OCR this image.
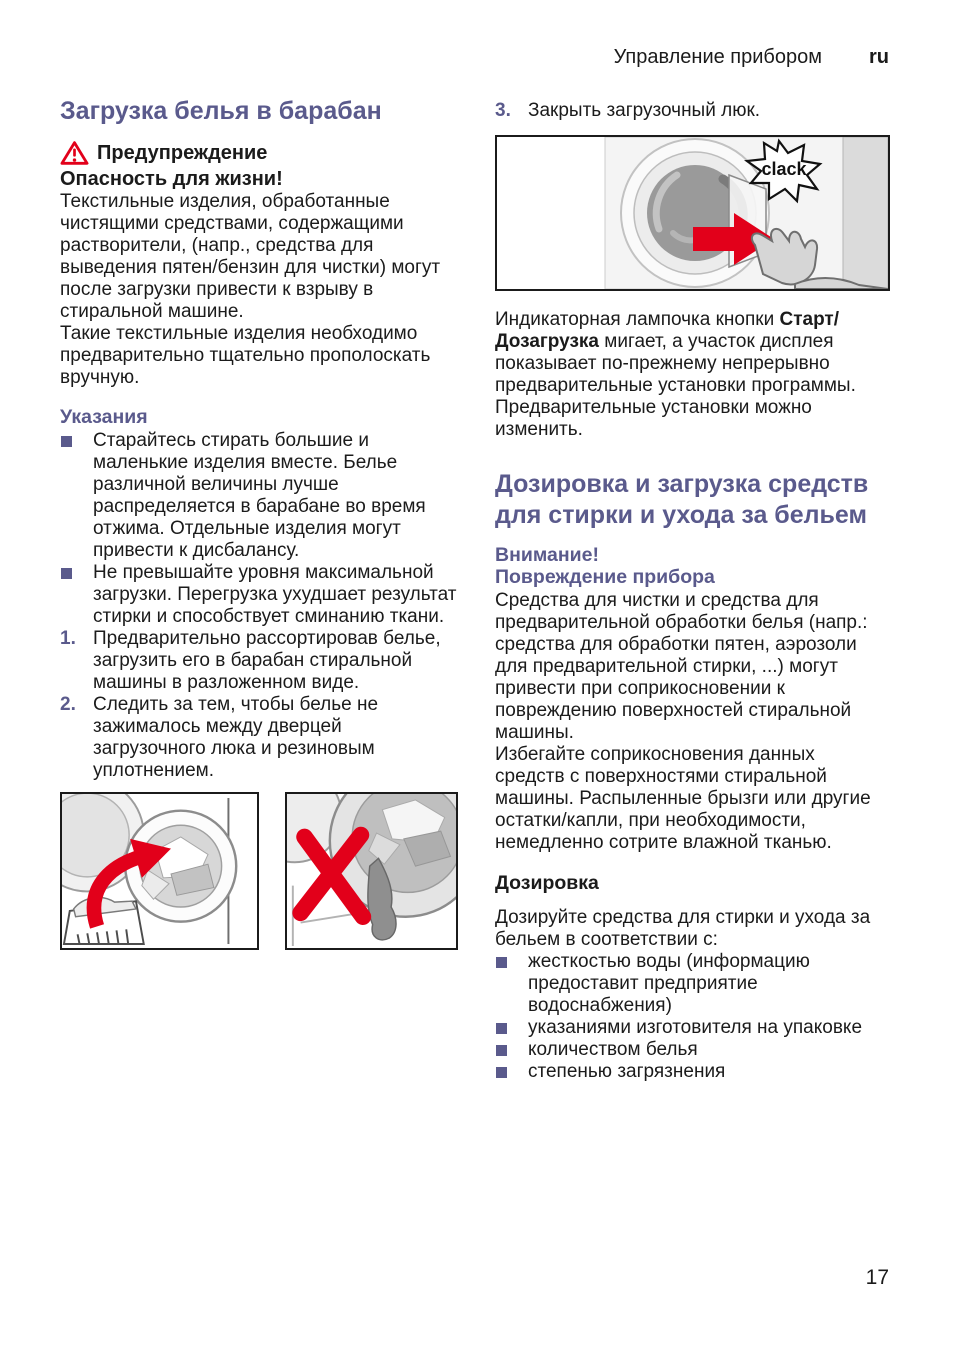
Управление прибором ru
Загрузка белья в барабан
Предупреждение
Опасность для жизни!

Текстильные изделия, обработанные чистящими средствами, содержащими растворители, (напр., средства для выведения пятен/бензин для чистки) могут после загрузки привести к взрыву в стиральной машине.

Такие текстильные изделия необходимо предварительно тщательно прополоскать вручную.

Указания
Старайтесь стирать большие и маленькие изделия вместе. Белье различной величины лучше распределяется в барабане во время отжима. Отдельные изделия могут привести к дисбалансу.
Не превышайте уровня максимальной загрузки. Перегрузка ухудшает результат стирки и способствует сминанию ткани.
1. Предварительно рассортировав белье, загрузить его в барабан стиральной машины в разложенном виде.
2. Следить за тем, чтобы белье не зажималось между дверцей загрузочного люка и резиновым уплотнением.
3. Закрыть загрузочный люк.
clack

Индикаторная лампочка кнопки Старт/Дозагрузка мигает, а участок дисплея показывает по-прежнему непрерывно предварительные установки программы.

Предварительные установки можно изменить.

Дозировка и загрузка средств для стирки и ухода за бельем
Внимание!
Повреждение прибора

Средства для чистки и средства для предварительной обработки белья (напр.: средства для обработки пятен, аэрозоли для предварительной стирки, ...) могут привести при соприкосновении к повреждению поверхностей стиральной машины.

Избегайте соприкосновения данных средств с поверхностями стиральной машины. Распыленные брызги или другие остатки/капли, при необходимости, немедленно сотрите влажной тканью.

Дозировка

Дозируйте средства для стирки и ухода за бельем в соответствии с:

жесткостью воды (информацию предоставит предприятие водоснабжения)
указаниями изготовителя на упаковке
количеством белья
степенью загрязнения
17
